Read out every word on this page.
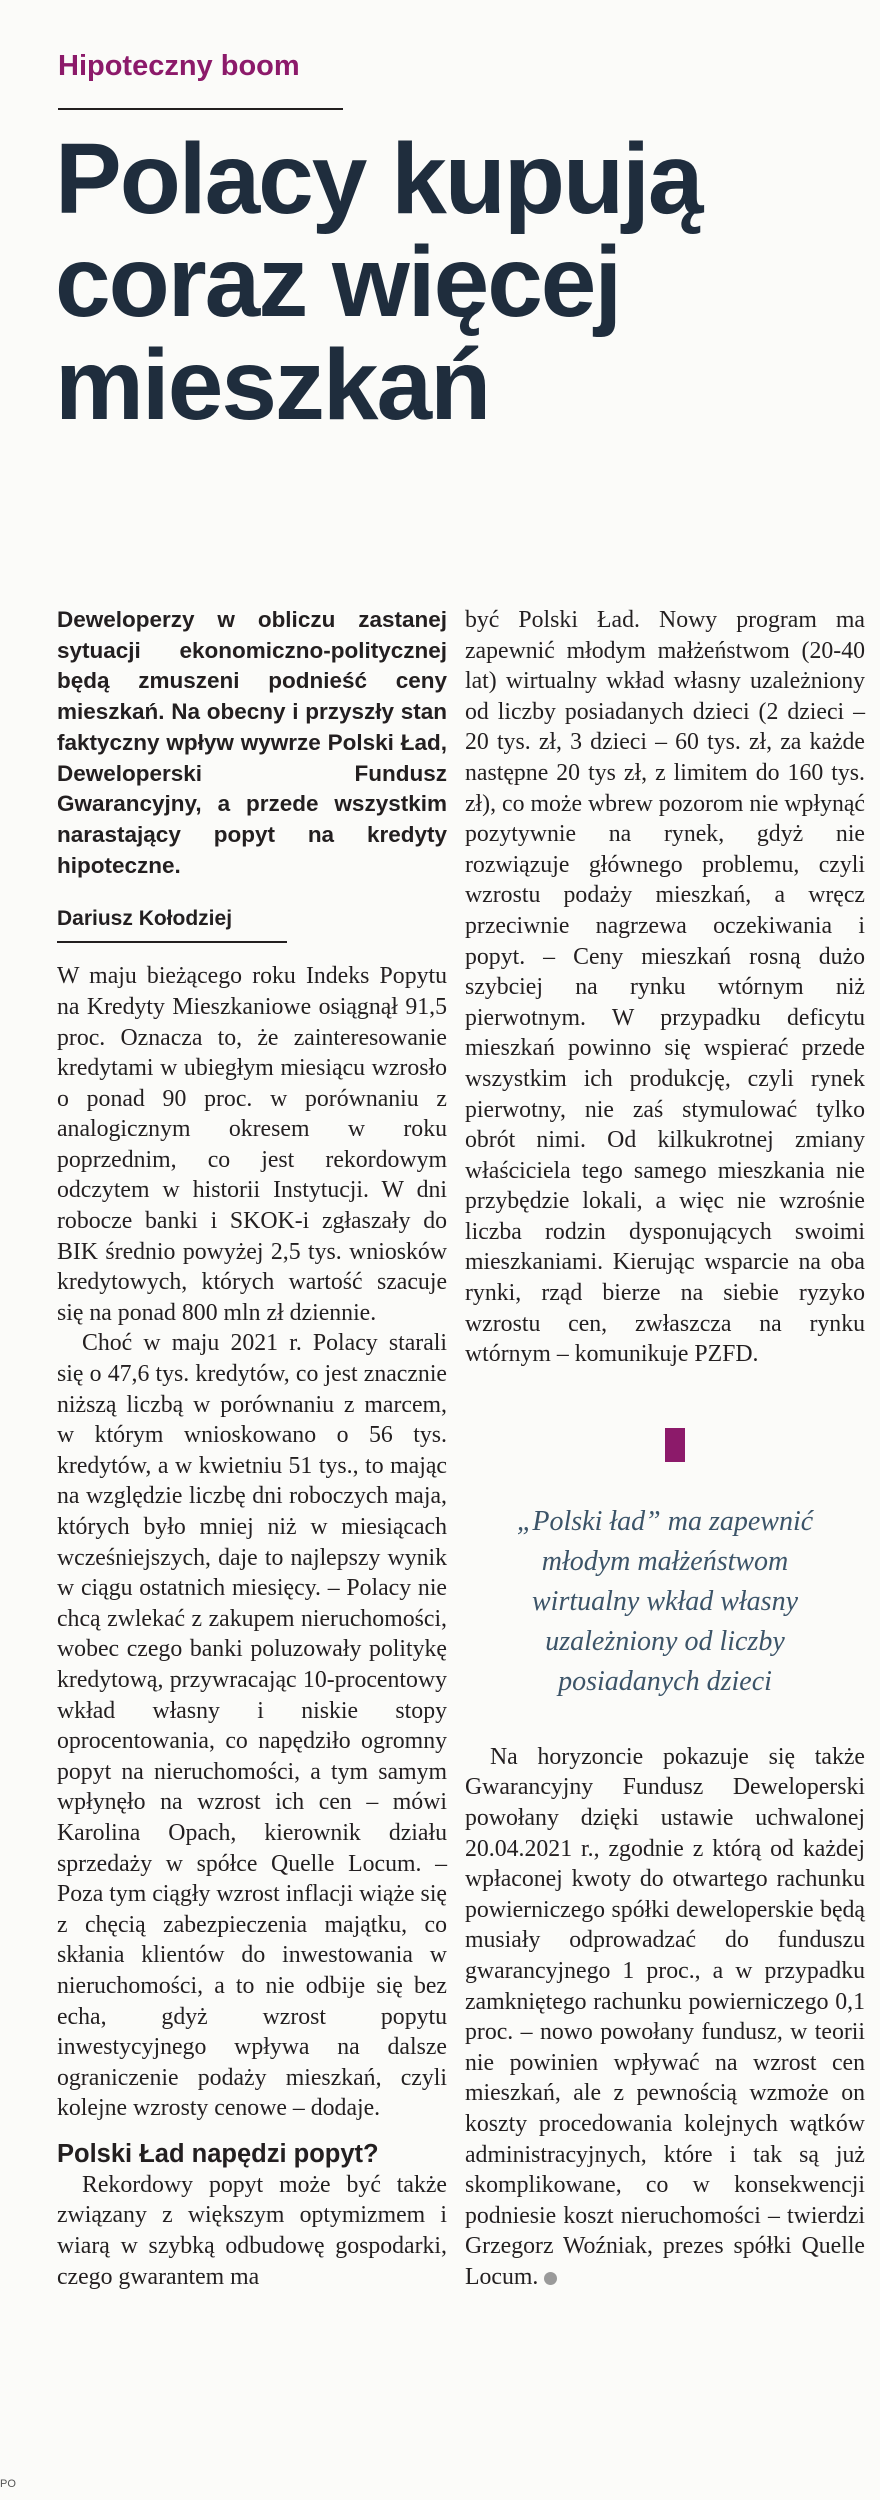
Hipoteczny boom
Polacy kupują coraz więcej mieszkań

Deweloperzy w obliczu zastanej sytuacji ekonomiczno-politycznej będą zmuszeni podnieść ceny mieszkań. Na obecny i przyszły stan faktyczny wpływ wywrze Polski Ład, Deweloperski Fundusz Gwarancyjny, a przede wszystkim narastający popyt na kredyty hipoteczne.

Dariusz Kołodziej

W maju bieżącego roku Indeks Popytu na Kredyty Mieszkaniowe osiągnął 91,5 proc. Oznacza to, że zainteresowanie kredytami w ubiegłym miesiącu wzrosło o ponad 90 proc. w porównaniu z analogicznym okresem w roku poprzednim, co jest rekordowym odczytem w historii Instytucji. W dni robocze banki i SKOK-i zgłaszały do BIK średnio powyżej 2,5 tys. wniosków kredytowych, których wartość szacuje się na ponad 800 mln zł dziennie.

Choć w maju 2021 r. Polacy starali się o 47,6 tys. kredytów, co jest znacznie niższą liczbą w porównaniu z marcem, w którym wnioskowano o 56 tys. kredytów, a w kwietniu 51 tys., to mając na względzie liczbę dni roboczych maja, których było mniej niż w miesiącach wcześniejszych, daje to najlepszy wynik w ciągu ostatnich miesięcy. – Polacy nie chcą zwlekać z zakupem nieruchomości, wobec czego banki poluzowały politykę kredytową, przywracając 10-procentowy wkład własny i niskie stopy oprocentowania, co napędziło ogromny popyt na nieruchomości, a tym samym wpłynęło na wzrost ich cen – mówi Karolina Opach, kierownik działu sprzedaży w spółce Quelle Locum. – Poza tym ciągły wzrost inflacji wiąże się z chęcią zabezpieczenia majątku, co skłania klientów do inwestowania w nieruchomości, a to nie odbije się bez echa, gdyż wzrost popytu inwestycyjnego wpływa na dalsze ograniczenie podaży mieszkań, czyli kolejne wzrosty cenowe – dodaje.

Polski Ład napędzi popyt?

Rekordowy popyt może być także związany z większym optymizmem i wiarą w szybką odbudowę gospodarki, czego gwarantem ma

być Polski Ład. Nowy program ma zapewnić młodym małżeństwom (20-40 lat) wirtualny wkład własny uzależniony od liczby posiadanych dzieci (2 dzieci – 20 tys. zł, 3 dzieci – 60 tys. zł, za każde następne 20 tys zł, z limitem do 160 tys. zł), co może wbrew pozorom nie wpłynąć pozytywnie na rynek, gdyż nie rozwiązuje głównego problemu, czyli wzrostu podaży mieszkań, a wręcz przeciwnie nagrzewa oczekiwania i popyt. – Ceny mieszkań rosną dużo szybciej na rynku wtórnym niż pierwotnym. W przypadku deficytu mieszkań powinno się wspierać przede wszystkim ich produkcję, czyli rynek pierwotny, nie zaś stymulować tylko obrót nimi. Od kilkukrotnej zmiany właściciela tego samego mieszkania nie przybędzie lokali, a więc nie wzrośnie liczba rodzin dysponujących swoimi mieszkaniami. Kierując wsparcie na oba rynki, rząd bierze na siebie ryzyko wzrostu cen, zwłaszcza na rynku wtórnym – komunikuje PZFD.

„Polski ład” ma zapewnić młodym małżeństwom wirtualny wkład własny uzależniony od liczby posiadanych dzieci

Na horyzoncie pokazuje się także Gwarancyjny Fundusz Deweloperski powołany dzięki ustawie uchwalonej 20.04.2021 r., zgodnie z którą od każdej wpłaconej kwoty do otwartego rachunku powierniczego spółki deweloperskie będą musiały odprowadzać do funduszu gwarancyjnego 1 proc., a w przypadku zamkniętego rachunku powierniczego 0,1 proc. – nowo powołany fundusz, w teorii nie powinien wpływać na wzrost cen mieszkań, ale z pewnością wzmoże on koszty procedowania kolejnych wątków administracyjnych, które i tak są już skomplikowane, co w konsekwencji podniesie koszt nieruchomości – twierdzi Grzegorz Woźniak, prezes spółki Quelle Locum.

PO
